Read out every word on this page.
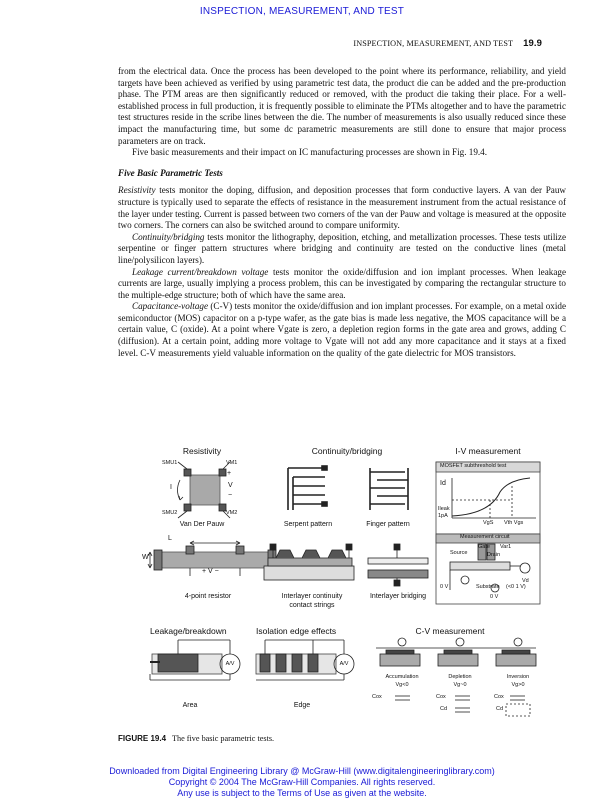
INSPECTION, MEASUREMENT, AND TEST
INSPECTION, MEASUREMENT, AND TEST 19.9

from the electrical data. Once the process has been developed to the point where its performance, reliability, and yield targets have been achieved as verified by using parametric test data, the product die can be added and the pre-production phase. The PTM areas are then significantly reduced or removed, with the product die taking their place. For a well-established process in full production, it is frequently possible to eliminate the PTMs altogether and to have the parametric test structures reside in the scribe lines between the die. The number of measurements is also usually reduced since these impact the manufacturing time, but some dc parametric measurements are still done to ensure that major process parameters are on track.

Five basic measurements and their impact on IC manufacturing processes are shown in Fig. 19.4.

Five Basic Parametric Tests

Resistivity tests monitor the doping, diffusion, and deposition processes that form conductive layers. A van der Pauw structure is typically used to separate the effects of resistance in the measurement instrument from the actual resistance of the layer under testing. Current is passed between two corners of the van der Pauw and voltage is measured at the opposite two corners. The corners can also be switched around to compare uniformity.

Continuity/bridging tests monitor the lithography, deposition, etching, and metallization processes. These tests utilize serpentine or finger pattern structures where bridging and continuity are tested on the conductive lines (metal line/polysilicon layers).

Leakage current/breakdown voltage tests monitor the oxide/diffusion and ion implant processes. When leakage currents are large, usually implying a process problem, this can be investigated by comparing the rectangular structure to the multiple-edge structure; both of which have the same area.

Capacitance-voltage (C-V) tests monitor the oxide/diffusion and ion implant processes. For example, on a metal oxide semiconductor (MOS) capacitor on a p-type wafer, as the gate bias is made less negative, the MOS capacitance will be a certain value, C (oxide). At a point where Vgate is zero, a depletion region forms in the gate area and grows, adding C (diffusion). At a certain point, adding more voltage to Vgate will not add any more capacitance and it stays at a fixed level. C-V measurements yield valuable information on the quality of the gate dielectric for MOS transistors.

Resistivity
SMU1	VM1
SMU2	VM2
I
+
V
−
Van Der Pauw
Continuity/bridging
Serpent pattern	Finger pattern
I-V measurement
MOSFET subthreshold test
Id
Ileak
1pA
VgS Vth Vgs
Measurement circuit
Source
Gate
Drain
Var1
Vd
0 V	Substrate (<0 1 V)
0 V
L
W
+ V −
4-point resistor	Interlayer continuity
contact strings
Interlayer bridging
Leakage/breakdown
A/V
Area
Isolation edge effects
A/V
Edge
C-V measurement
Accumulation
Vg<0
Depletion
Vg~0
Inversion
Vg>0
Cox	Cox
Cd
Cox
Cd
FIGURE 19.4 The five basic parametric tests.
Downloaded from Digital Engineering Library @ McGraw-Hill (www.digitalengineeringlibrary.com)
Copyright © 2004 The McGraw-Hill Companies. All rights reserved.
Any use is subject to the Terms of Use as given at the website.
